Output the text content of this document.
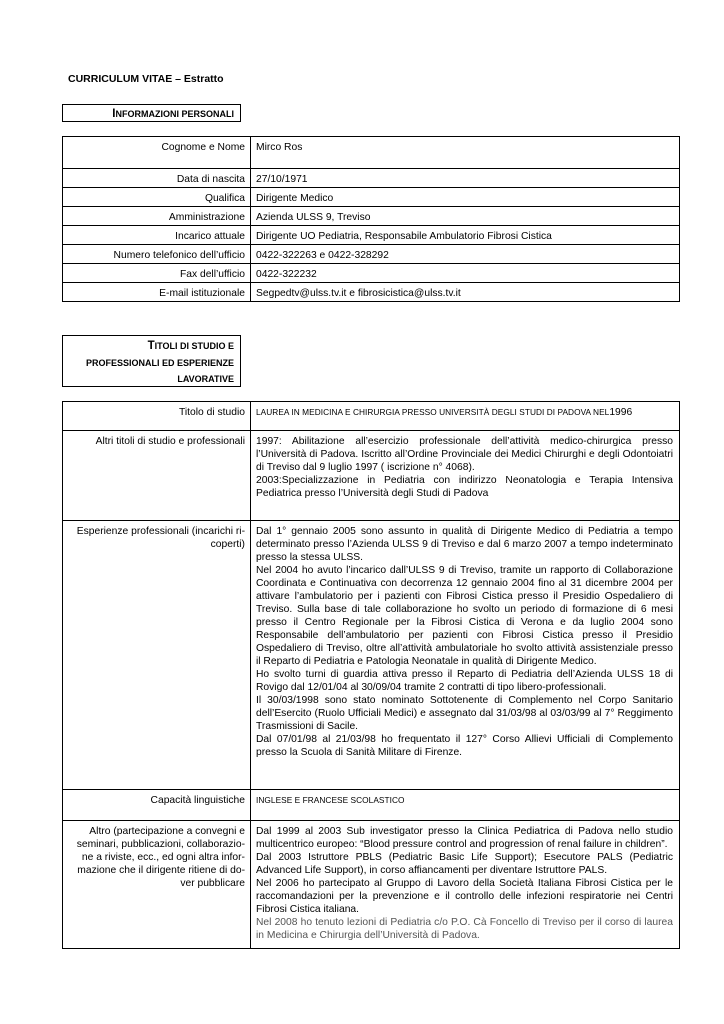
CURRICULUM VITAE – Estratto
INFORMAZIONI PERSONALI
Cognome e Nome	Mirco Ros
Data di nascita	27/10/1971
Qualifica	Dirigente Medico
Amministrazione	Azienda ULSS 9, Treviso
Incarico attuale	Dirigente UO Pediatria, Responsabile Ambulatorio Fibrosi Cistica
Numero telefonico dell’ufficio	0422-322263 e 0422-328292
Fax dell’ufficio	0422-322232
E-mail istituzionale	Segpedtv@ulss.tv.it e fibrosicistica@ulss.tv.it
TITOLI DI STUDIO E
PROFESSIONALI ED ESPERIENZE
LAVORATIVE
Titolo di studio	LAUREA IN MEDICINA E CHIRURGIA PRESSO UNIVERSITÀ DEGLI STUDI DI PADOVA NEL1996
Altri titoli di studio e professionali	1997: Abilitazione all’esercizio professionale dell’attività medico-chirurgica presso l’Università di Padova. Iscritto all’Ordine Provinciale dei Medici Chirurghi e degli Odontoiatri di Treviso dal 9 luglio 1997 ( iscrizione n° 4068).

2003:Specializzazione in Pediatria con indirizzo Neonatologia e Terapia Intensiva Pediatrica presso l’Università degli Studi di Padova

Esperienze professionali (incarichi ri-coperti)	Dal 1° gennaio 2005 sono assunto in qualità di Dirigente Medico di Pediatria a tempo determinato presso l’Azienda ULSS 9 di Treviso e dal 6 marzo 2007 a tempo indeterminato presso la stessa ULSS.

Nel 2004 ho avuto l’incarico dall’ULSS 9 di Treviso, tramite un rapporto di Collaborazione Coordinata e Continuativa con decorrenza 12 gennaio 2004 fino al 31 dicembre 2004 per attivare l’ambulatorio per i pazienti con Fibrosi Cistica presso il Presidio Ospedaliero di Treviso. Sulla base di tale collaborazione ho svolto un periodo di formazione di 6 mesi presso il Centro Regionale per la Fibrosi Cistica di Verona e da luglio 2004 sono Responsabile dell’ambulatorio per pazienti con Fibrosi Cistica presso il Presidio Ospedaliero di Treviso, oltre all’attività ambulatoriale ho svolto attività assistenziale presso il Reparto di Pediatria e Patologia Neonatale in qualità di Dirigente Medico.

Ho svolto turni di guardia attiva presso il Reparto di Pediatria dell’Azienda ULSS 18 di Rovigo dal 12/01/04 al 30/09/04 tramite 2 contratti di tipo libero-professionali.

Il 30/03/1998 sono stato nominato Sottotenente di Complemento nel Corpo Sanitario dell’Esercito (Ruolo Ufficiali Medici) e assegnato dal 31/03/98 al 03/03/99 al 7° Reggimento Trasmissioni di Sacile.

Dal 07/01/98 al 21/03/98 ho frequentato il 127° Corso Allievi Ufficiali di Complemento presso la Scuola di Sanità Militare di Firenze.

Capacità linguistiche	INGLESE E FRANCESE SCOLASTICO
Altro (partecipazione a convegni e seminari, pubblicazioni, collaborazio-ne a riviste, ecc., ed ogni altra infor-mazione che il dirigente ritiene di do-ver pubblicare	Dal 1999 al 2003 Sub investigator presso la Clinica Pediatrica di Padova nello studio multicentrico europeo: “Blood pressure control and progression of renal failure in children”.

Dal 2003 Istruttore PBLS (Pediatric Basic Life Support); Esecutore PALS (Pediatric Advanced Life Support), in corso affiancamenti per diventare Istruttore PALS.

Nel 2006 ho partecipato al Gruppo di Lavoro della Società Italiana Fibrosi Cistica per le raccomandazioni per la prevenzione e il controllo delle infezioni respiratorie nei Centri Fibrosi Cistica italiana.

Nel 2008 ho tenuto lezioni di Pediatria c/o P.O. Cà Foncello di Treviso per il corso di laurea in Medicina e Chirurgia dell’Università di Padova.
